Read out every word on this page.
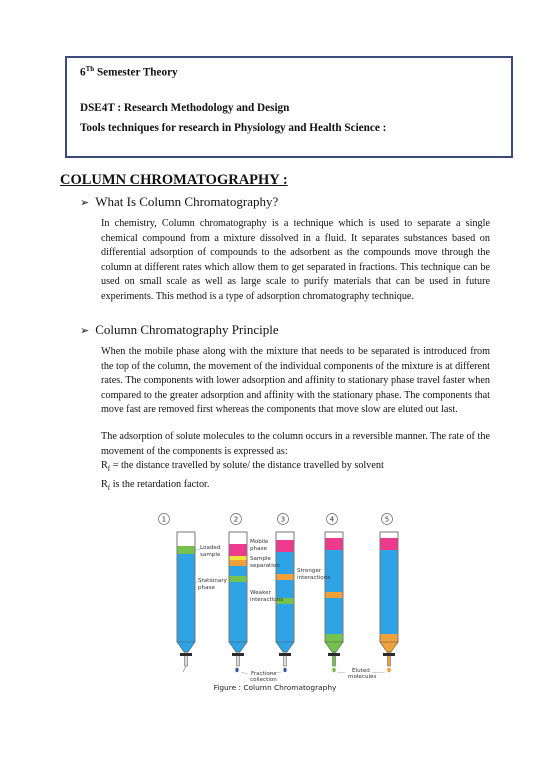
6Th Semester Theory
DSE4T : Research Methodology and Design
Tools techniques for research in Physiology and Health Science :
COLUMN CHROMATOGRAPHY :
➢ What Is Column Chromatography?

In chemistry, Column chromatography is a technique which is used to separate a single chemical compound from a mixture dissolved in a fluid. It separates substances based on differential adsorption of compounds to the adsorbent as the compounds move through the column at different rates which allow them to get separated in fractions. This technique can be used on small scale as well as large scale to purify materials that can be used in future experiments. This method is a type of adsorption chromatography technique.

➢ Column Chromatography Principle

When the mobile phase along with the mixture that needs to be separated is introduced from the top of the column, the movement of the individual components of the mixture is at different rates. The components with lower adsorption and affinity to stationary phase travel faster when compared to the greater adsorption and affinity with the stationary phase. The components that move fast are removed first whereas the components that move slow are eluted out last.

The adsorption of solute molecules to the column occurs in a reversible manner. The rate of the movement of the components is expressed as:

$R_f$ = the distance travelled by solute/ the distance travelled by solvent

$R_f$ is the retardation factor.

1	2	3	4	5
Loaded
sample
Stationary
phase
Mobile
phase
Sample
separation
Weaker
interactions
Stronger
interactions
Fractions
collection
Eluted
molecules
Figure : Column Chromatography
